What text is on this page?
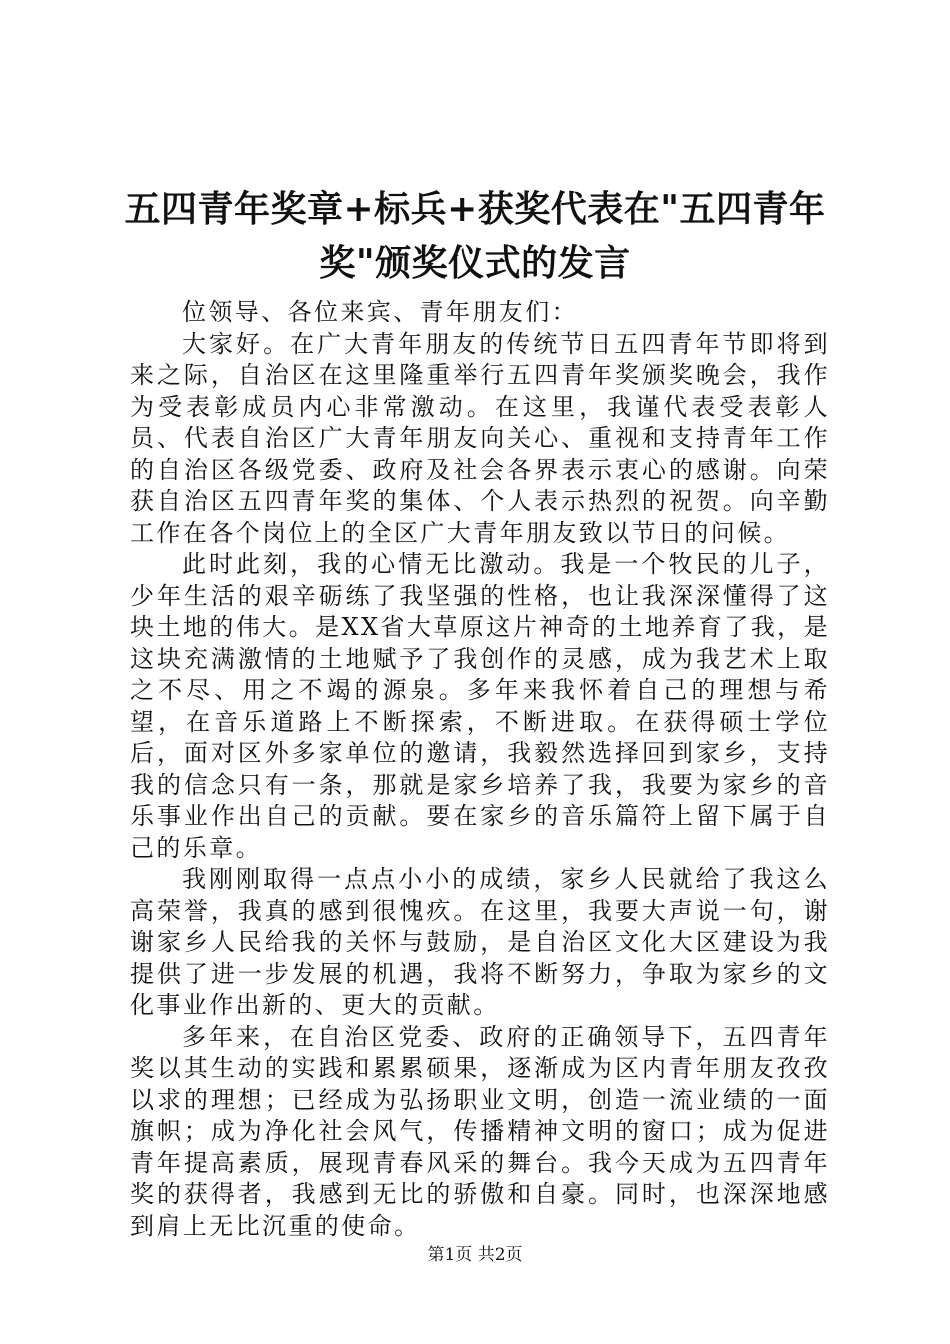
五四青年奖章+标兵+获奖代表在"五四青年奖"颁奖仪式的发言

位领导、各位来宾、青年朋友们：

大家好。在广大青年朋友的传统节日五四青年节即将到来之际，自治区在这里隆重举行五四青年奖颁奖晚会，我作为受表彰成员内心非常激动。在这里，我谨代表受表彰人员、代表自治区广大青年朋友向关心、重视和支持青年工作的自治区各级党委、政府及社会各界表示衷心的感谢。向荣获自治区五四青年奖的集体、个人表示热烈的祝贺。向辛勤工作在各个岗位上的全区广大青年朋友致以节日的问候。

此时此刻，我的心情无比激动。我是一个牧民的儿子，少年生活的艰辛砺练了我坚强的性格，也让我深深懂得了这块土地的伟大。是XX省大草原这片神奇的土地养育了我，是这块充满激情的土地赋予了我创作的灵感，成为我艺术上取之不尽、用之不竭的源泉。多年来我怀着自己的理想与希望，在音乐道路上不断探索，不断进取。在获得硕士学位后，面对区外多家单位的邀请，我毅然选择回到家乡，支持我的信念只有一条，那就是家乡培养了我，我要为家乡的音乐事业作出自己的贡献。要在家乡的音乐篇符上留下属于自己的乐章。

我刚刚取得一点点小小的成绩，家乡人民就给了我这么高荣誉，我真的感到很愧疚。在这里，我要大声说一句，谢谢家乡人民给我的关怀与鼓励，是自治区文化大区建设为我提供了进一步发展的机遇，我将不断努力，争取为家乡的文化事业作出新的、更大的贡献。

多年来，在自治区党委、政府的正确领导下，五四青年奖以其生动的实践和累累硕果，逐渐成为区内青年朋友孜孜以求的理想；已经成为弘扬职业文明，创造一流业绩的一面旗帜；成为净化社会风气，传播精神文明的窗口；成为促进青年提高素质，展现青春风采的舞台。我今天成为五四青年奖的获得者，我感到无比的骄傲和自豪。同时，也深深地感到肩上无比沉重的使命。

第1页 共2页
